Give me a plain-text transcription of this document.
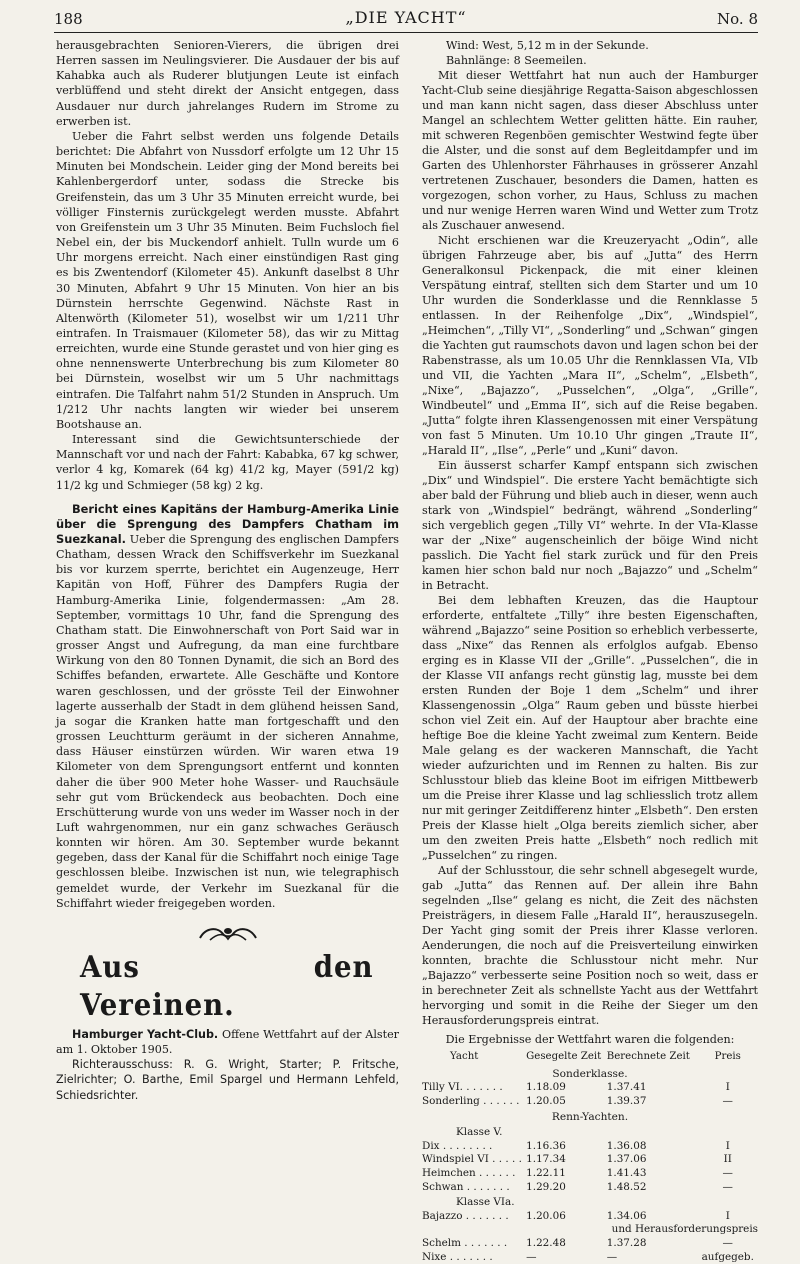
188	„DIE YACHT“	No. 8

herausgebrachten Senioren-Vierers, die übrigen drei Herren sassen im Neulingsvierer. Die Ausdauer der bis auf Kahabka auch als Ruderer blutjungen Leute ist einfach verblüffend und steht direkt der Ansicht entgegen, dass Ausdauer nur durch jahrelanges Rudern im Strome zu erwerben ist.

Ueber die Fahrt selbst werden uns folgende Details berichtet: Die Abfahrt von Nussdorf erfolgte um 12 Uhr 15 Minuten bei Mondschein. Leider ging der Mond bereits bei Kahlenbergerdorf unter, sodass die Strecke bis Greifenstein, das um 3 Uhr 35 Minuten erreicht wurde, bei völliger Finsternis zurückgelegt werden musste. Abfahrt von Greifenstein um 3 Uhr 35 Minuten. Beim Fuchsloch fiel Nebel ein, der bis Muckendorf anhielt. Tulln wurde um 6 Uhr morgens erreicht. Nach einer einstündigen Rast ging es bis Zwentendorf (Kilometer 45). Ankunft daselbst 8 Uhr 30 Minuten, Abfahrt 9 Uhr 15 Minuten. Von hier an bis Dürnstein herrschte Gegenwind. Nächste Rast in Altenwörth (Kilometer 51), woselbst wir um 1/211 Uhr eintrafen. In Traismauer (Kilometer 58), das wir zu Mittag erreichten, wurde eine Stunde gerastet und von hier ging es ohne nennenswerte Unterbrechung bis zum Kilometer 80 bei Dürnstein, woselbst wir um 5 Uhr nachmittags eintrafen. Die Talfahrt nahm 51/2 Stunden in Anspruch. Um 1/212 Uhr nachts langten wir wieder bei unserem Bootshause an.

Interessant sind die Gewichtsunterschiede der Mannschaft vor und nach der Fahrt: Kababka, 67 kg schwer, verlor 4 kg, Komarek (64 kg) 41/2 kg, Mayer (591/2 kg) 11/2 kg und Schmieger (58 kg) 2 kg.

Bericht eines Kapitäns der Hamburg-Amerika Linie über die Sprengung des Dampfers Chatham im Suezkanal. Ueber die Sprengung des englischen Dampfers Chatham, dessen Wrack den Schiffsverkehr im Suezkanal bis vor kurzem sperrte, berichtet ein Augenzeuge, Herr Kapitän von Hoff, Führer des Dampfers Rugia der Hamburg-Amerika Linie, folgendermassen: „Am 28. September, vormittags 10 Uhr, fand die Sprengung des Chatham statt. Die Einwohnerschaft von Port Said war in grosser Angst und Aufregung, da man eine furchtbare Wirkung von den 80 Tonnen Dynamit, die sich an Bord des Schiffes befanden, erwartete. Alle Geschäfte und Kontore waren geschlossen, und der grösste Teil der Einwohner lagerte ausserhalb der Stadt in dem glühend heissen Sand, ja sogar die Kranken hatte man fortgeschafft und den grossen Leuchtturm geräumt in der sicheren Annahme, dass Häuser einstürzen würden. Wir waren etwa 19 Kilometer von dem Sprengungsort entfernt und konnten daher die über 900 Meter hohe Wasser- und Rauchsäule sehr gut vom Brückendeck aus beobachten. Doch eine Erschütterung wurde von uns weder im Wasser noch in der Luft wahrgenommen, nur ein ganz schwaches Geräusch konnten wir hören. Am 30. September wurde bekannt gegeben, dass der Kanal für die Schiffahrt noch einige Tage geschlossen bleibe. Inzwischen ist nun, wie telegraphisch gemeldet wurde, der Verkehr im Suezkanal für die Schiffahrt wieder freigegeben worden.

Aus den Vereinen.

Hamburger Yacht-Club. Offene Wettfahrt auf der Alster am 1. Oktober 1905.

Richterausschuss: R. G. Wright, Starter; P. Fritsche, Zielrichter; O. Barthe, Emil Spargel und Hermann Lehfeld, Schiedsrichter.

Wind: West, 5,12 m in der Sekunde.

Bahnlänge: 8 Seemeilen.

Mit dieser Wettfahrt hat nun auch der Hamburger Yacht-Club seine diesjährige Regatta-Saison abgeschlossen und man kann nicht sagen, dass dieser Abschluss unter Mangel an schlechtem Wetter gelitten hätte. Ein rauher, mit schweren Regenböen gemischter Westwind fegte über die Alster, und die sonst auf dem Begleitdampfer und im Garten des Uhlenhorster Fährhauses in grösserer Anzahl vertretenen Zuschauer, besonders die Damen, hatten es vorgezogen, schon vorher, zu Haus, Schluss zu machen und nur wenige Herren waren Wind und Wetter zum Trotz als Zuschauer anwesend.

Nicht erschienen war die Kreuzeryacht „Odin“, alle übrigen Fahrzeuge aber, bis auf „Jutta“ des Herrn Generalkonsul Pickenpack, die mit einer kleinen Verspätung eintraf, stellten sich dem Starter und um 10 Uhr wurden die Sonderklasse und die Rennklasse 5 entlassen. In der Reihenfolge „Dix“, „Windspiel“, „Heimchen“, „Tilly VI“, „Sonderling“ und „Schwan“ gingen die Yachten gut raumschots davon und lagen schon bei der Rabenstrasse, als um 10.05 Uhr die Rennklassen VIa, VIb und VII, die Yachten „Mara II“, „Schelm“, „Elsbeth“, „Nixe“, „Bajazzo“, „Pusselchen“, „Olga“, „Grille“, Windbeutel“ und „Emma II“, sich auf die Reise begaben. „Jutta“ folgte ihren Klassengenossen mit einer Verspätung von fast 5 Minuten. Um 10.10 Uhr gingen „Traute II“, „Harald II“, „Ilse“, „Perle“ und „Kuni“ davon.

Ein äusserst scharfer Kampf entspann sich zwischen „Dix“ und Windspiel“. Die erstere Yacht bemächtigte sich aber bald der Führung und blieb auch in dieser, wenn auch stark von „Windspiel“ bedrängt, während „Sonderling“ sich vergeblich gegen „Tilly VI“ wehrte. In der VIa-Klasse war der „Nixe“ augenscheinlich der böige Wind nicht passlich. Die Yacht fiel stark zurück und für den Preis kamen hier schon bald nur noch „Bajazzo“ und „Schelm“ in Betracht.

Bei dem lebhaften Kreuzen, das die Hauptour erforderte, entfaltete „Tilly“ ihre besten Eigenschaften, während „Bajazzo“ seine Position so erheblich verbesserte, dass „Nixe“ das Rennen als erfolglos aufgab. Ebenso erging es in Klasse VII der „Grille“. „Pusselchen“, die in der Klasse VII anfangs recht günstig lag, musste bei dem ersten Runden der Boje 1 dem „Schelm“ und ihrer Klassengenossin „Olga“ Raum geben und büsste hierbei schon viel Zeit ein. Auf der Hauptour aber brachte eine heftige Boe die kleine Yacht zweimal zum Kentern. Beide Male gelang es der wackeren Mannschaft, die Yacht wieder aufzurichten und im Rennen zu halten. Bis zur Schlusstour blieb das kleine Boot im eifrigen Mittbewerb um die Preise ihrer Klasse und lag schliesslich trotz allem nur mit geringer Zeitdifferenz hinter „Elsbeth“. Den ersten Preis der Klasse hielt „Olga bereits ziemlich sicher, aber um den zweiten Preis hatte „Elsbeth“ noch redlich mit „Pusselchen“ zu ringen.

Auf der Schlusstour, die sehr schnell abgesegelt wurde, gab „Jutta“ das Rennen auf. Der allein ihre Bahn segelnden „Ilse“ gelang es nicht, die Zeit des nächsten Preisträgers, in diesem Falle „Harald II“, herauszusegeln. Der Yacht ging somit der Preis ihrer Klasse verloren. Aenderungen, die noch auf die Preisverteilung einwirken konnten, brachte die Schlusstour nicht mehr. Nur „Bajazzo“ verbesserte seine Position noch so weit, dass er in berechneter Zeit als schnellste Yacht aus der Wettfahrt hervorging und somit in die Reihe der Sieger um den Herausforderungspreis eintrat.

Die Ergebnisse der Wettfahrt waren die folgenden:

Yacht	Gesegelte Zeit	Berechnete Zeit	Preis
Sonderklasse.			
Tilly VI. . . . . . .	1.18.09	1.37.41	I
Sonderling . . . . . .	1.20.05	1.39.37	—
Renn-Yachten.			
Klasse V.			
Dix . . . . . . . .	1.16.36	1.36.08	I
Windspiel VI . . . . .	1.17.34	1.37.06	II
Heimchen . . . . . .	1.22.11	1.41.43	—
Schwan . . . . . . .	1.29.20	1.48.52	—
Klasse VIa.			
Bajazzo . . . . . . .	1.20.06	1.34.06	I
		und Herausforderungspreis	
Schelm . . . . . . .	1.22.48	1.37.28	—
Nixe . . . . . . .	—	—	aufgegeb.
